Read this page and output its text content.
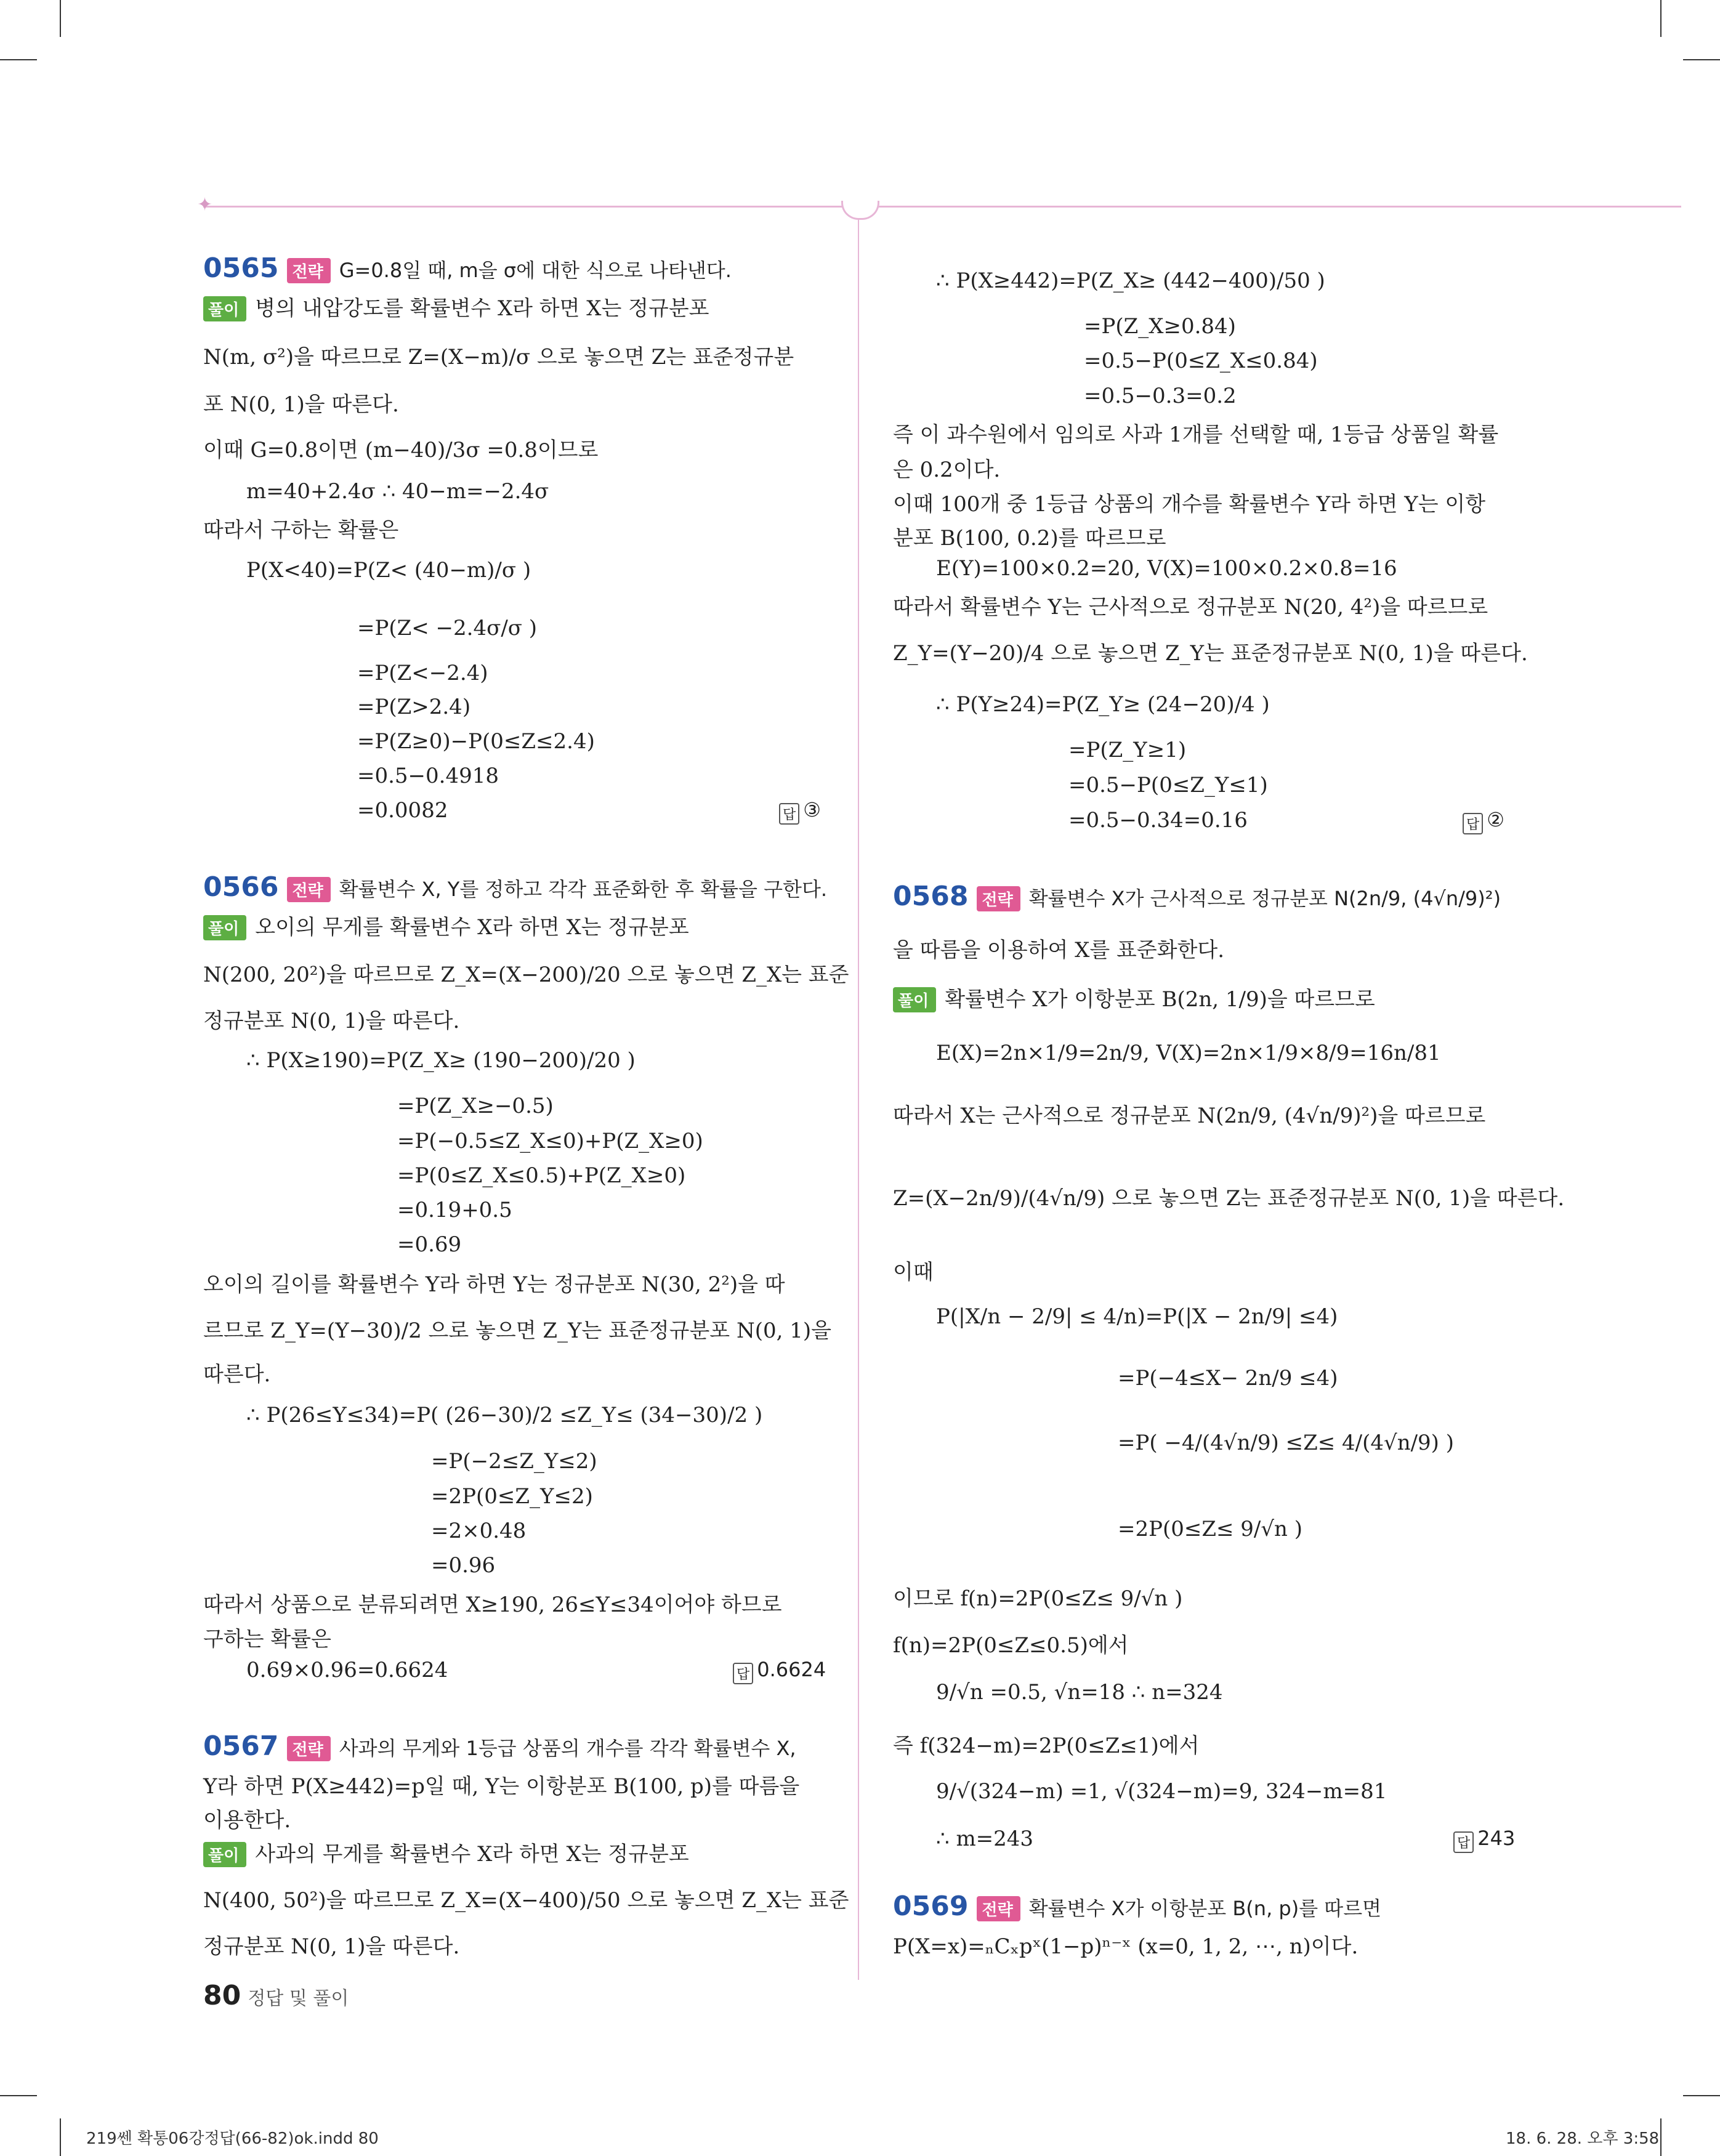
✦
0565 전략 G=0.8일 때, m을 σ에 대한 식으로 나타낸다.
풀이 병의 내압강도를 확률변수 X라 하면 X는 정규분포
N(m, σ²)을 따르므로 Z=(X−m)/σ 으로 놓으면 Z는 표준정규분
포 N(0, 1)을 따른다.
이때 G=0.8이면 (m−40)/3σ =0.8이므로
m=40+2.4σ ∴ 40−m=−2.4σ
따라서 구하는 확률은
P(X<40)=P(Z< (40−m)/σ )
=P(Z< −2.4σ/σ )
=P(Z<−2.4)
=P(Z>2.4)
=P(Z≥0)−P(0≤Z≤2.4)
=0.5−0.4918
=0.0082	답 ③
0566 전략 확률변수 X, Y를 정하고 각각 표준화한 후 확률을 구한다.
풀이 오이의 무게를 확률변수 X라 하면 X는 정규분포
N(200, 20²)을 따르므로 Z_X=(X−200)/20 으로 놓으면 Z_X는 표준
정규분포 N(0, 1)을 따른다.
∴ P(X≥190)=P(Z_X≥ (190−200)/20 )
=P(Z_X≥−0.5)
=P(−0.5≤Z_X≤0)+P(Z_X≥0)
=P(0≤Z_X≤0.5)+P(Z_X≥0)
=0.19+0.5
=0.69
오이의 길이를 확률변수 Y라 하면 Y는 정규분포 N(30, 2²)을 따
르므로 Z_Y=(Y−30)/2 으로 놓으면 Z_Y는 표준정규분포 N(0, 1)을
따른다.
∴ P(26≤Y≤34)=P( (26−30)/2 ≤Z_Y≤ (34−30)/2 )
=P(−2≤Z_Y≤2)
=2P(0≤Z_Y≤2)
=2×0.48
=0.96
따라서 상품으로 분류되려면 X≥190, 26≤Y≤34이어야 하므로
구하는 확률은
0.69×0.96=0.6624	답 0.6624
0567 전략 사과의 무게와 1등급 상품의 개수를 각각 확률변수 X,
Y라 하면 P(X≥442)=p일 때, Y는 이항분포 B(100, p)를 따름을
이용한다.
풀이 사과의 무게를 확률변수 X라 하면 X는 정규분포
N(400, 50²)을 따르므로 Z_X=(X−400)/50 으로 놓으면 Z_X는 표준
정규분포 N(0, 1)을 따른다.
∴ P(X≥442)=P(Z_X≥ (442−400)/50 )
=P(Z_X≥0.84)
=0.5−P(0≤Z_X≤0.84)
=0.5−0.3=0.2
즉 이 과수원에서 임의로 사과 1개를 선택할 때, 1등급 상품일 확률
은 0.2이다.
이때 100개 중 1등급 상품의 개수를 확률변수 Y라 하면 Y는 이항
분포 B(100, 0.2)를 따르므로
E(Y)=100×0.2=20, V(X)=100×0.2×0.8=16
따라서 확률변수 Y는 근사적으로 정규분포 N(20, 4²)을 따르므로
Z_Y=(Y−20)/4 으로 놓으면 Z_Y는 표준정규분포 N(0, 1)을 따른다.
∴ P(Y≥24)=P(Z_Y≥ (24−20)/4 )
=P(Z_Y≥1)
=0.5−P(0≤Z_Y≤1)
=0.5−0.34=0.16	답 ②
0568 전략 확률변수 X가 근사적으로 정규분포 N(2n/9, (4√n/9)²)
을 따름을 이용하여 X를 표준화한다.
풀이 확률변수 X가 이항분포 B(2n, 1/9)을 따르므로
E(X)=2n×1/9=2n/9, V(X)=2n×1/9×8/9=16n/81
따라서 X는 근사적으로 정규분포 N(2n/9, (4√n/9)²)을 따르므로
Z=(X−2n/9)/(4√n/9) 으로 놓으면 Z는 표준정규분포 N(0, 1)을 따른다.
이때
P(|X/n − 2/9| ≤ 4/n)=P(|X − 2n/9| ≤4)
=P(−4≤X− 2n/9 ≤4)
=P( −4/(4√n/9) ≤Z≤ 4/(4√n/9) )
=2P(0≤Z≤ 9/√n )
이므로 f(n)=2P(0≤Z≤ 9/√n )
f(n)=2P(0≤Z≤0.5)에서
9/√n =0.5, √n=18 ∴ n=324
즉 f(324−m)=2P(0≤Z≤1)에서
9/√(324−m) =1, √(324−m)=9, 324−m=81
∴ m=243	답 243
0569 전략 확률변수 X가 이항분포 B(n, p)를 따르면
P(X=x)=ₙCₓpˣ(1−p)ⁿ⁻ˣ (x=0, 1, 2, ⋯, n)이다.
80 정답 및 풀이
219쎈 확통06강정답(66-82)ok.indd 80	18. 6. 28. 오후 3:58
